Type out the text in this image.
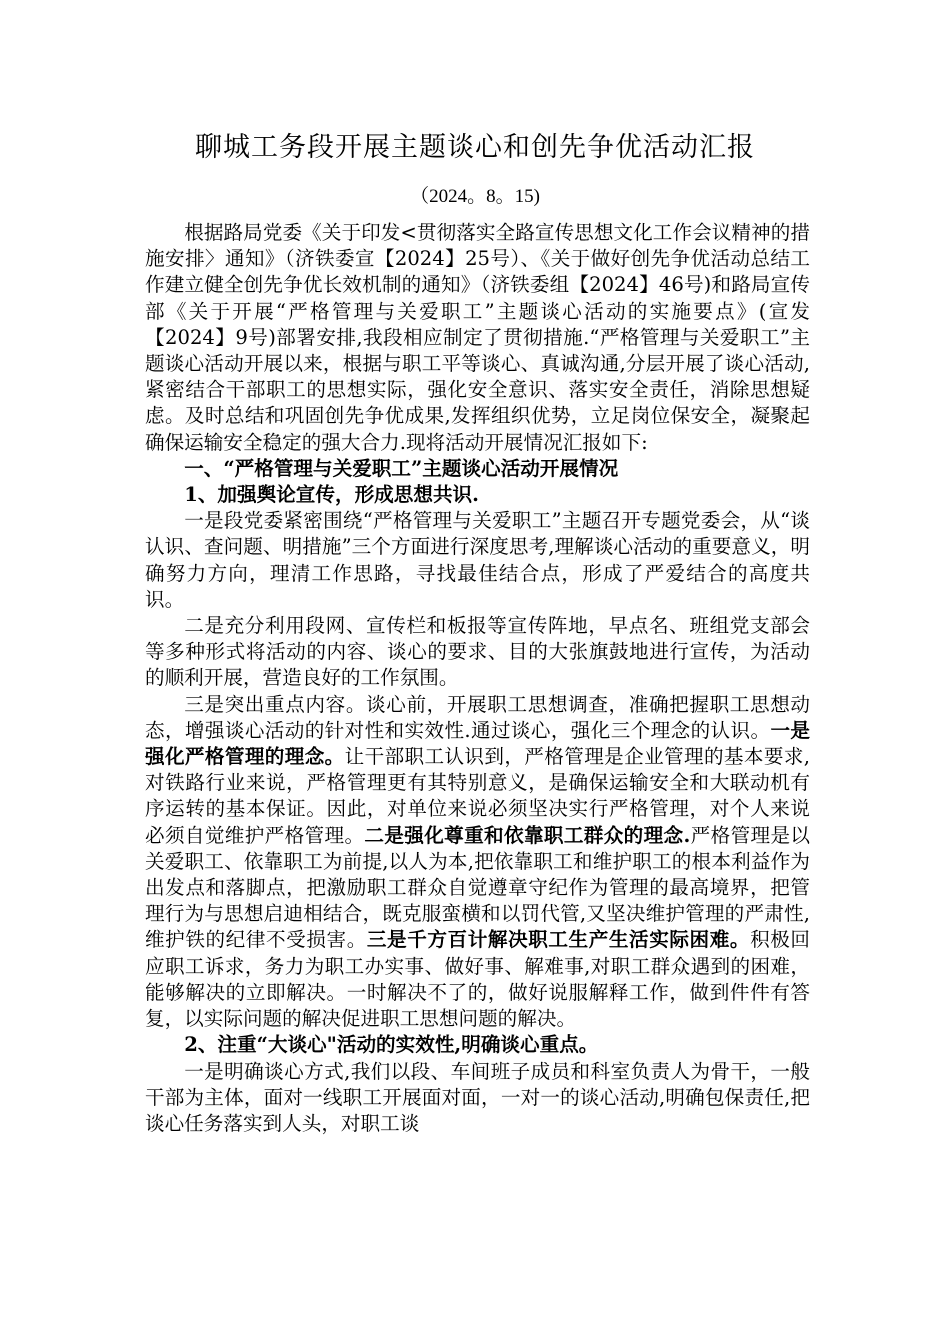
聊城工务段开展主题谈心和创先争优活动汇报
（2024。8。15)

根据路局党委《关于印发<贯彻落实全路宣传思想文化工作会议精神的措施安排〉通知》（济铁委宣【2024】25号）、《关于做好创先争优活动总结工作建立健全创先争优长效机制的通知》（济铁委组【2024】46号)和路局宣传部《关于开展“严格管理与关爱职工”主题谈心活动的实施要点》(宣发【2024】9号)部署安排,我段相应制定了贯彻措施.“严格管理与关爱职工”主题谈心活动开展以来，根据与职工平等谈心、真诚沟通,分层开展了谈心活动,紧密结合干部职工的思想实际，强化安全意识、落实安全责任，消除思想疑虑。及时总结和巩固创先争优成果,发挥组织优势，立足岗位保安全，凝聚起确保运输安全稳定的强大合力.现将活动开展情况汇报如下:

一、“严格管理与关爱职工”主题谈心活动开展情况

1、加强舆论宣传，形成思想共识.

一是段党委紧密围绕“严格管理与关爱职工”主题召开专题党委会，从“谈认识、查问题、明措施”三个方面进行深度思考,理解谈心活动的重要意义，明确努力方向，理清工作思路，寻找最佳结合点，形成了严爱结合的高度共识。

二是充分利用段网、宣传栏和板报等宣传阵地，早点名、班组党支部会等多种形式将活动的内容、谈心的要求、目的大张旗鼓地进行宣传，为活动的顺利开展，营造良好的工作氛围。

三是突出重点内容。谈心前，开展职工思想调查，准确把握职工思想动态，增强谈心活动的针对性和实效性.通过谈心，强化三个理念的认识。一是强化严格管理的理念。让干部职工认识到，严格管理是企业管理的基本要求,对铁路行业来说，严格管理更有其特别意义，是确保运输安全和大联动机有序运转的基本保证。因此，对单位来说必须坚决实行严格管理，对个人来说必须自觉维护严格管理。二是强化尊重和依靠职工群众的理念.严格管理是以关爱职工、依靠职工为前提,以人为本,把依靠职工和维护职工的根本利益作为出发点和落脚点，把激励职工群众自觉遵章守纪作为管理的最高境界，把管理行为与思想启迪相结合，既克服蛮横和以罚代管,又坚决维护管理的严肃性,维护铁的纪律不受损害。三是千方百计解决职工生产生活实际困难。积极回应职工诉求，务力为职工办实事、做好事、解难事,对职工群众遇到的困难，能够解决的立即解决。一时解决不了的，做好说服解释工作，做到件件有答复，以实际问题的解决促进职工思想问题的解决。

2、注重“大谈心"活动的实效性,明确谈心重点。

一是明确谈心方式,我们以段、车间班子成员和科室负责人为骨干，一般干部为主体，面对一线职工开展面对面，一对一的谈心活动,明确包保责任,把谈心任务落实到人头，对职工谈
